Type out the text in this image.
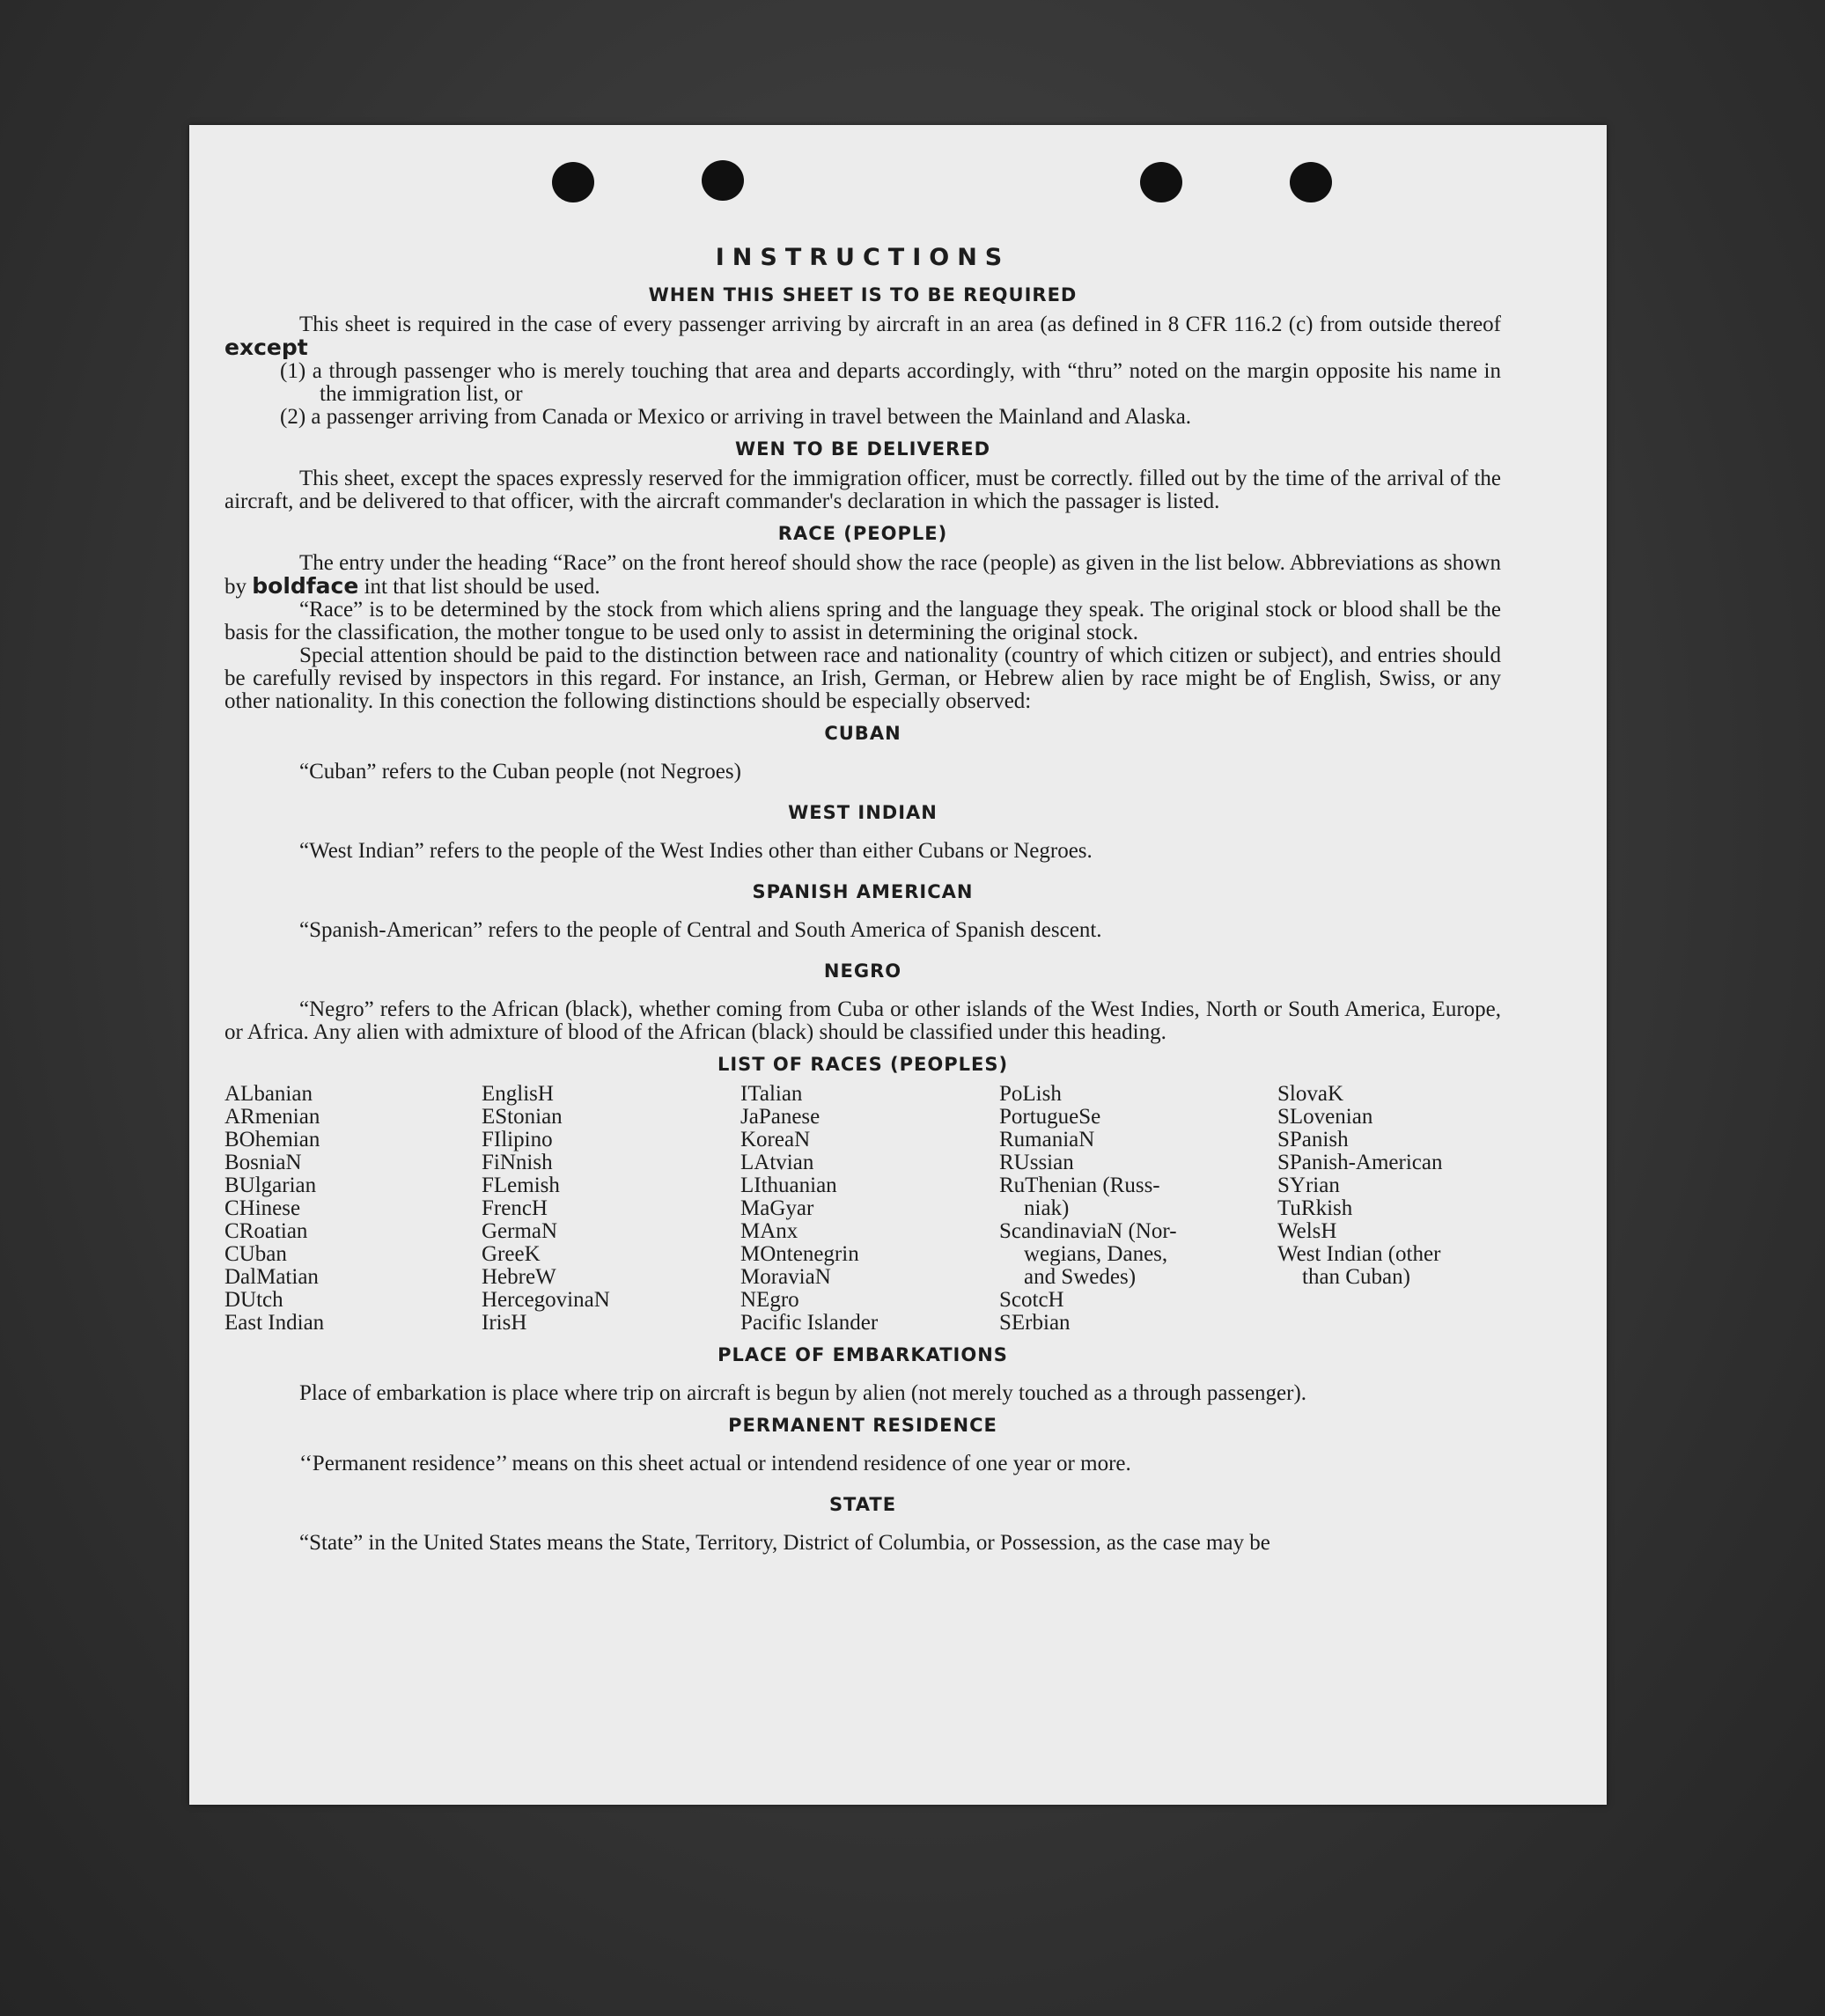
INSTRUCTIONS
WHEN THIS SHEET IS TO BE REQUIRED

This sheet is required in the case of every passenger arriving by aircraft in an area (as defined in 8 CFR 116.2 (c) from outside thereof except

(1) a through passenger who is merely touching that area and departs accordingly, with “thru” noted on the margin opposite his name in the immigration list, or

(2) a passenger arriving from Canada or Mexico or arriving in travel between the Mainland and Alaska.

WEN TO BE DELIVERED

This sheet, except the spaces expressly reserved for the immigration officer, must be correctly. filled out by the time of the arrival of the aircraft, and be delivered to that officer, with the aircraft commander's declaration in which the passager is listed.

RACE (PEOPLE)

The entry under the heading “Race” on the front hereof should show the race (people) as given in the list below. Abbreviations as shown by boldface int that list should be used.

“Race” is to be determined by the stock from which aliens spring and the language they speak. The original stock or blood shall be the basis for the classification, the mother tongue to be used only to assist in determining the original stock.

Special attention should be paid to the distinction between race and nationality (country of which citizen or subject), and entries should be carefully revised by inspectors in this regard. For instance, an Irish, German, or Hebrew alien by race might be of English, Swiss, or any other nationality. In this conection the following distinctions should be especially observed:

CUBAN

“Cuban” refers to the Cuban people (not Negroes)

WEST INDIAN

“West Indian” refers to the people of the West Indies other than either Cubans or Negroes.

SPANISH AMERICAN

“Spanish-American” refers to the people of Central and South America of Spanish descent.

NEGRO

“Negro” refers to the African (black), whether coming from Cuba or other islands of the West Indies, North or South America, Europe, or Africa. Any alien with admixture of blood of the African (black) should be classified under this heading.

LIST OF RACES (PEOPLES)
ALbanian
ARmenian
BOhemian
BosniaN
BUlgarian
CHinese
CRoatian
CUban
DalMatian
DUtch
East Indian
EnglisH
EStonian
FIlipino
FiNnish
FLemish
FrencH
GermaN
GreeK
HebreW
HercegovinaN
IrisH
ITalian
JaPanese
KoreaN
LAtvian
LIthuanian
MaGyar
MAnx
MOntenegrin
MoraviaN
NEgro
Pacific Islander
PoLish
PortugueSe
RumaniaN
RUssian
RuThenian (Russ-
niak)
ScandinaviaN (Nor-
wegians, Danes,
and Swedes)
ScotcH
SErbian
SlovaK
SLovenian
SPanish
SPanish-American
SYrian
TuRkish
WelsH
West Indian (other
than Cuban)
PLACE OF EMBARKATIONS

Place of embarkation is place where trip on aircraft is begun by alien (not merely touched as a through passenger).

PERMANENT RESIDENCE

‘‘Permanent residence’’ means on this sheet actual or intendend residence of one year or more.

STATE

“State” in the United States means the State, Territory, District of Columbia, or Possession, as the case may be
